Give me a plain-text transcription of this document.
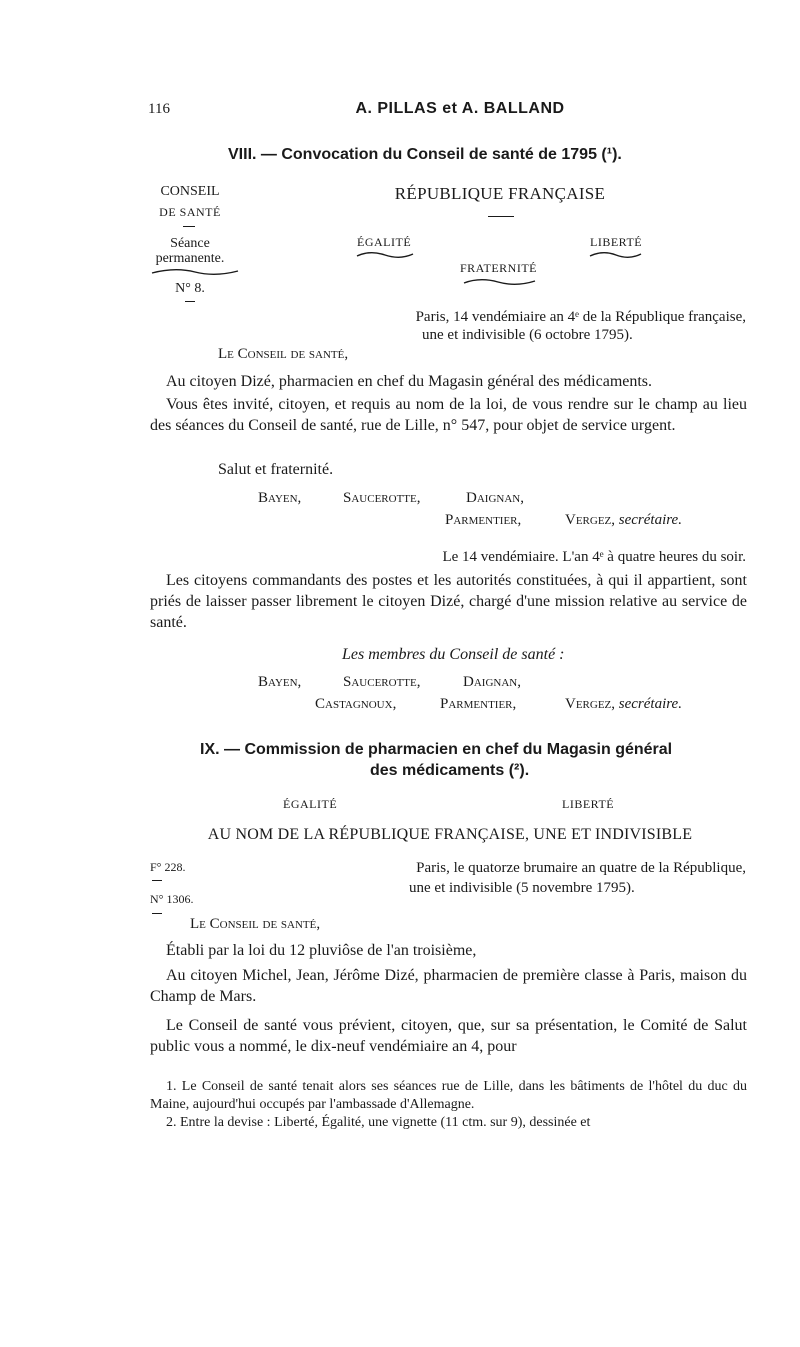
116	A. PILLAS et A. BALLAND
VIII. — Convocation du Conseil de santé de 1795 (¹).
CONSEIL
DE SANTÉ
Séance
permanente.
N° 8.
RÉPUBLIQUE FRANÇAISE
ÉGALITÉ	LIBERTÉ
FRATERNITÉ
Paris, 14 vendémiaire an 4ᵉ de la République française,
une et indivisible (6 octobre 1795).
Le Conseil de santé,
Au citoyen Dizé, pharmacien en chef du Magasin général des médicaments.
Vous êtes invité, citoyen, et requis au nom de la loi, de vous rendre sur le champ au lieu des séances du Conseil de santé, rue de Lille, n° 547, pour objet de service urgent.
Salut et fraternité.
Bayen,	Saucerotte,	Daignan,
Parmentier,	Vergez, secrétaire.
Le 14 vendémiaire. L'an 4ᵉ à quatre heures du soir.
Les citoyens commandants des postes et les autorités constituées, à qui il appartient, sont priés de laisser passer librement le citoyen Dizé, chargé d'une mission relative au service de santé.
Les membres du Conseil de santé :
Bayen,	Saucerotte,	Daignan,
Castagnoux,	Parmentier,	Vergez, secrétaire.
IX. — Commission de pharmacien en chef du Magasin général
des médicaments (²).
ÉGALITÉ	LIBERTÉ
AU NOM DE LA RÉPUBLIQUE FRANÇAISE, UNE ET INDIVISIBLE
F° 228.
N° 1306.
Paris, le quatorze brumaire an quatre de la République,
une et indivisible (5 novembre 1795).
Le Conseil de santé,
Établi par la loi du 12 pluviôse de l'an troisième,
Au citoyen Michel, Jean, Jérôme Dizé, pharmacien de première classe à Paris, maison du Champ de Mars.
Le Conseil de santé vous prévient, citoyen, que, sur sa présentation, le Comité de Salut public vous a nommé, le dix-neuf vendémiaire an 4, pour
1. Le Conseil de santé tenait alors ses séances rue de Lille, dans les bâtiments de l'hôtel du duc du Maine, aujourd'hui occupés par l'ambassade d'Allemagne.
2. Entre la devise : Liberté, Égalité, une vignette (11 ctm. sur 9), dessinée et
